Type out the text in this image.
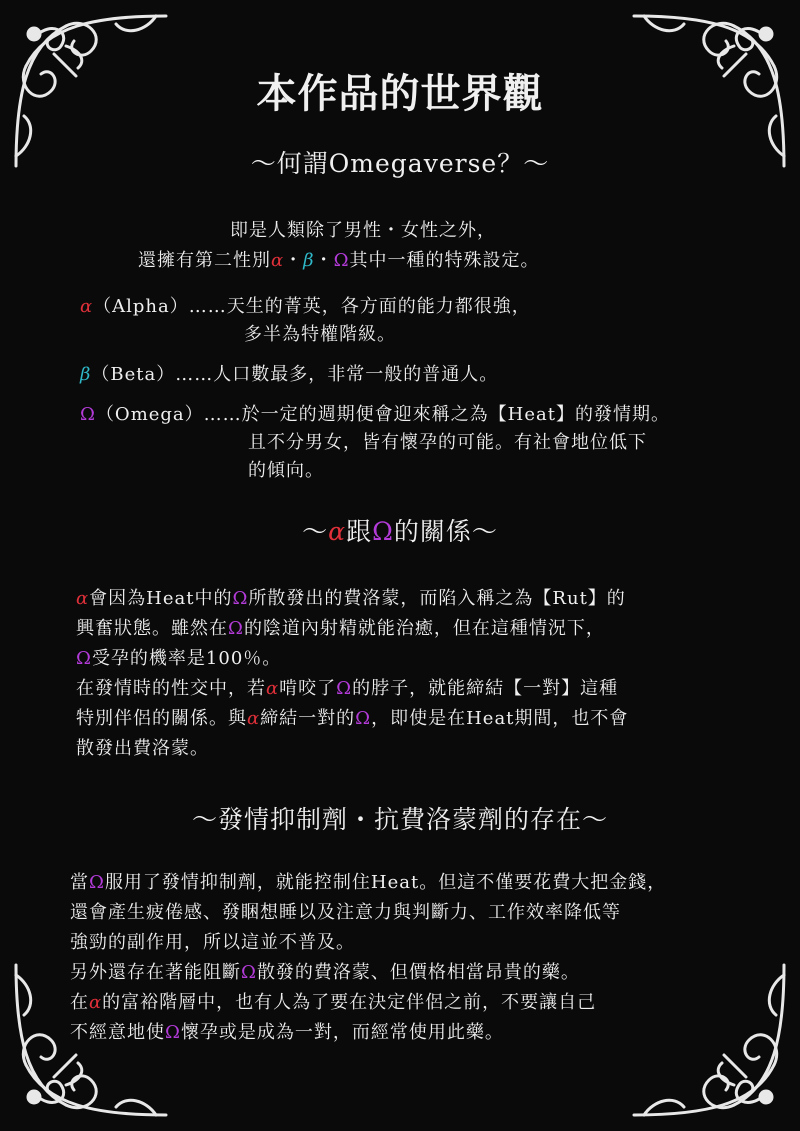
本作品的世界觀
～何謂Omegaverse？～
即是人類除了男性・女性之外，
還擁有第二性別α・β・Ω其中一種的特殊設定。
α（Alpha）……天生的菁英，各方面的能力都很強，
多半為特權階級。
β（Beta）……人口數最多，非常一般的普通人。
Ω（Omega）……於一定的週期便會迎來稱之為【Heat】的發情期。
且不分男女，皆有懷孕的可能。有社會地位低下
的傾向。
～α跟Ω的關係～
α會因為Heat中的Ω所散發出的費洛蒙，而陷入稱之為【Rut】的
興奮狀態。雖然在Ω的陰道內射精就能治癒，但在這種情況下，
Ω受孕的機率是100％。
在發情時的性交中，若α啃咬了Ω的脖子，就能締結【一對】這種
特別伴侶的關係。與α締結一對的Ω，即使是在Heat期間，也不會
散發出費洛蒙。
～發情抑制劑・抗費洛蒙劑的存在～
當Ω服用了發情抑制劑，就能控制住Heat。但這不僅要花費大把金錢，
還會產生疲倦感、發睏想睡以及注意力與判斷力、工作效率降低等
強勁的副作用，所以這並不普及。
另外還存在著能阻斷Ω散發的費洛蒙、但價格相當昂貴的藥。
在α的富裕階層中，也有人為了要在決定伴侶之前，不要讓自己
不經意地使Ω懷孕或是成為一對，而經常使用此藥。
